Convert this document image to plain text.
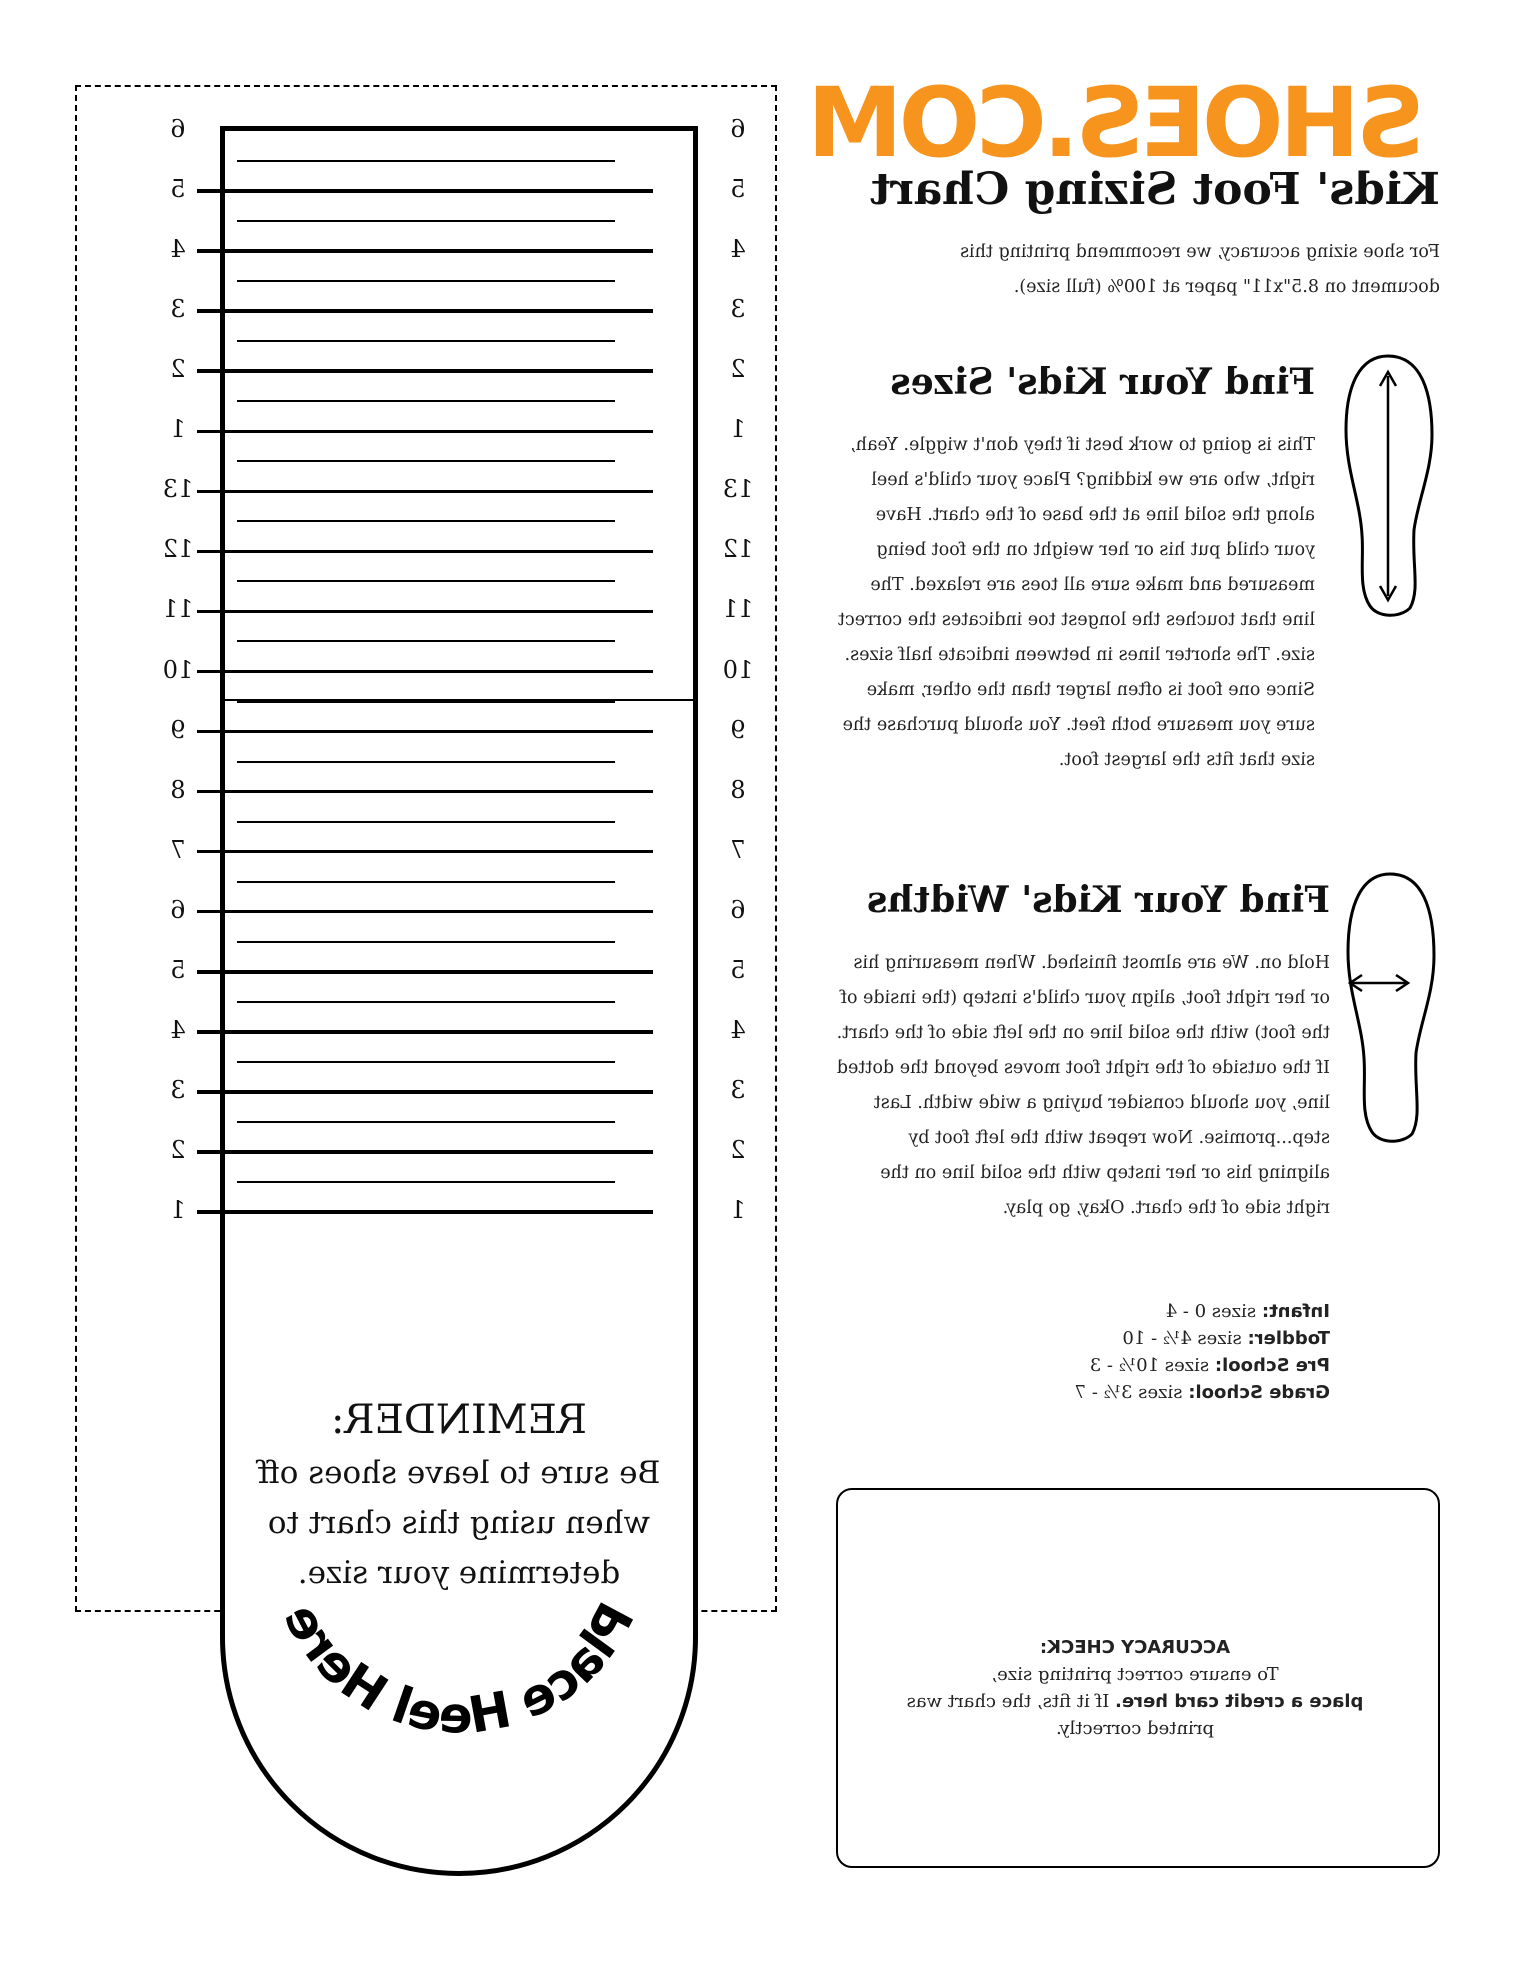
SHOES.COM
Kids' Foot Sizing Chart
For shoe sizing accuracy, we recommend printing this document on 8.5"x11" paper at 100% (full size).
Find Your Kids' Sizes
This is going to work best if they don't wiggle. Yeah, right, who are we kidding? Place your child's heel along the solid line at the base of the chart. Have your child put his or her weight on the foot being measured and make sure all toes are relaxed. The line that touches the longest toe indicates the correct size. The shorter lines in between indicate half sizes. Since one foot is often larger than the other, make sure you measure both feet. You should purchase the size that fits the largest foot.
Find Your Kids' Widths
Hold on. We are almost finished. When measuring his or her right foot, align your child's instep (the inside of the foot) with the solid line on the left side of the chart. If the outside of the right foot moves beyond the dotted line, you should consider buying a wide width. Last step...promise. Now repeat with the left foot by aligning his or her instep with the solid line on the right side of the chart. Okay, go play.
Infant: sizes 0 - 4
Toddler: sizes 4½ - 10
Pre School: sizes 10½ - 3
Grade School: sizes 3½ - 7
ACCURACY CHECK:
To ensure correct printing size,
place a credit card here. If it fits, the chart was printed correctly.
1
1
2
2
3
3
4
4
5
5
6
6
7
7
8
8
9
9
10
10
11
11
12
12
13
13
1
1
2
2
3
3
4
4
5
5
6
6
REMINDER:
Be sure to leave shoes off when using this chart to determine your size.
Place Heel Here
